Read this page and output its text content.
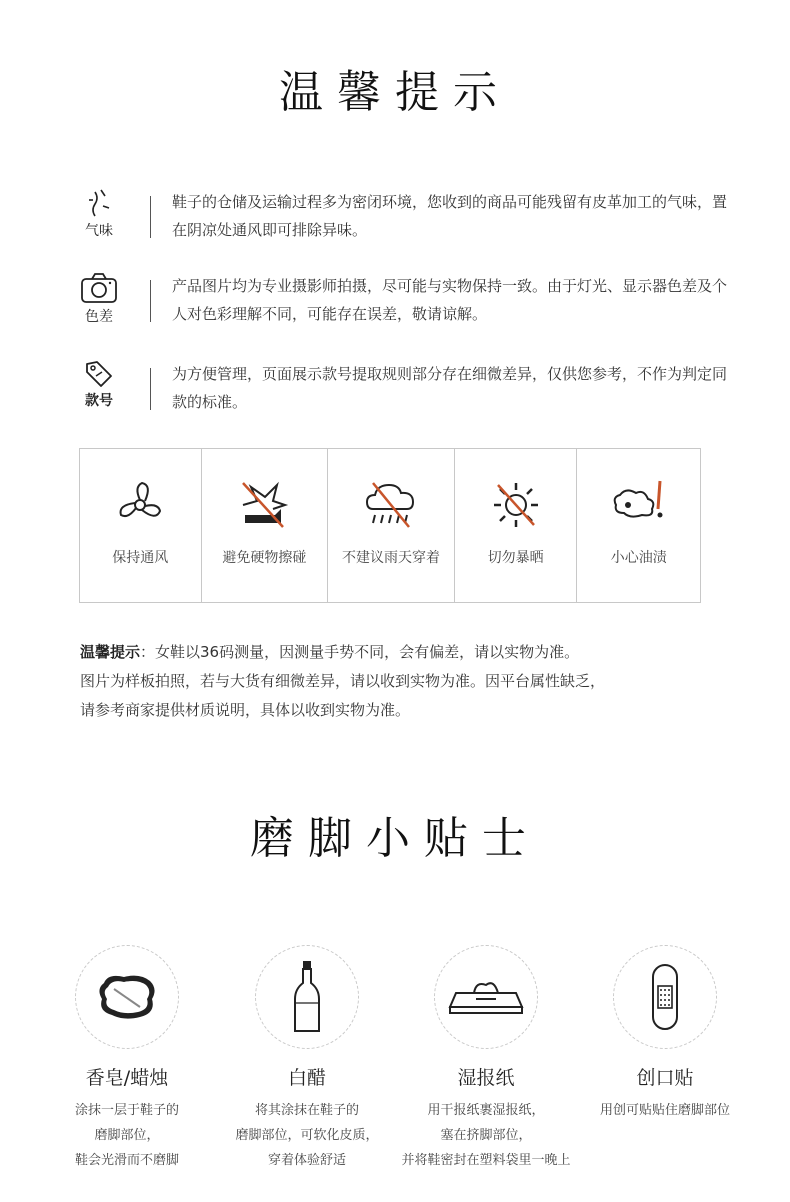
温馨提示
气味
鞋子的仓储及运输过程多为密闭环境，您收到的商品可能残留有皮革加工的气味，置在阴凉处通风即可排除异味。
色差
产品图片均为专业摄影师拍摄，尽可能与实物保持一致。由于灯光、显示器色差及个人对色彩理解不同，可能存在误差，敬请谅解。
款号
为方便管理，页面展示款号提取规则部分存在细微差异，仅供您参考，不作为判定同款的标准。
保持通风	避免硬物擦碰	不建议雨天穿着	切勿暴晒	小心油渍
温馨提示：女鞋以36码测量，因测量手势不同，会有偏差，请以实物为准。
图片为样板拍照，若与大货有细微差异，请以收到实物为准。因平台属性缺乏，
请参考商家提供材质说明，具体以收到实物为准。
磨脚小贴士
香皂/蜡烛
涂抹一层于鞋子的
磨脚部位，
鞋会光滑而不磨脚
白醋
将其涂抹在鞋子的
磨脚部位，可软化皮质，
穿着体验舒适
湿报纸
用干报纸裹湿报纸，
塞在挤脚部位，
并将鞋密封在塑料袋里一晚上
创口贴
用创可贴贴住磨脚部位
